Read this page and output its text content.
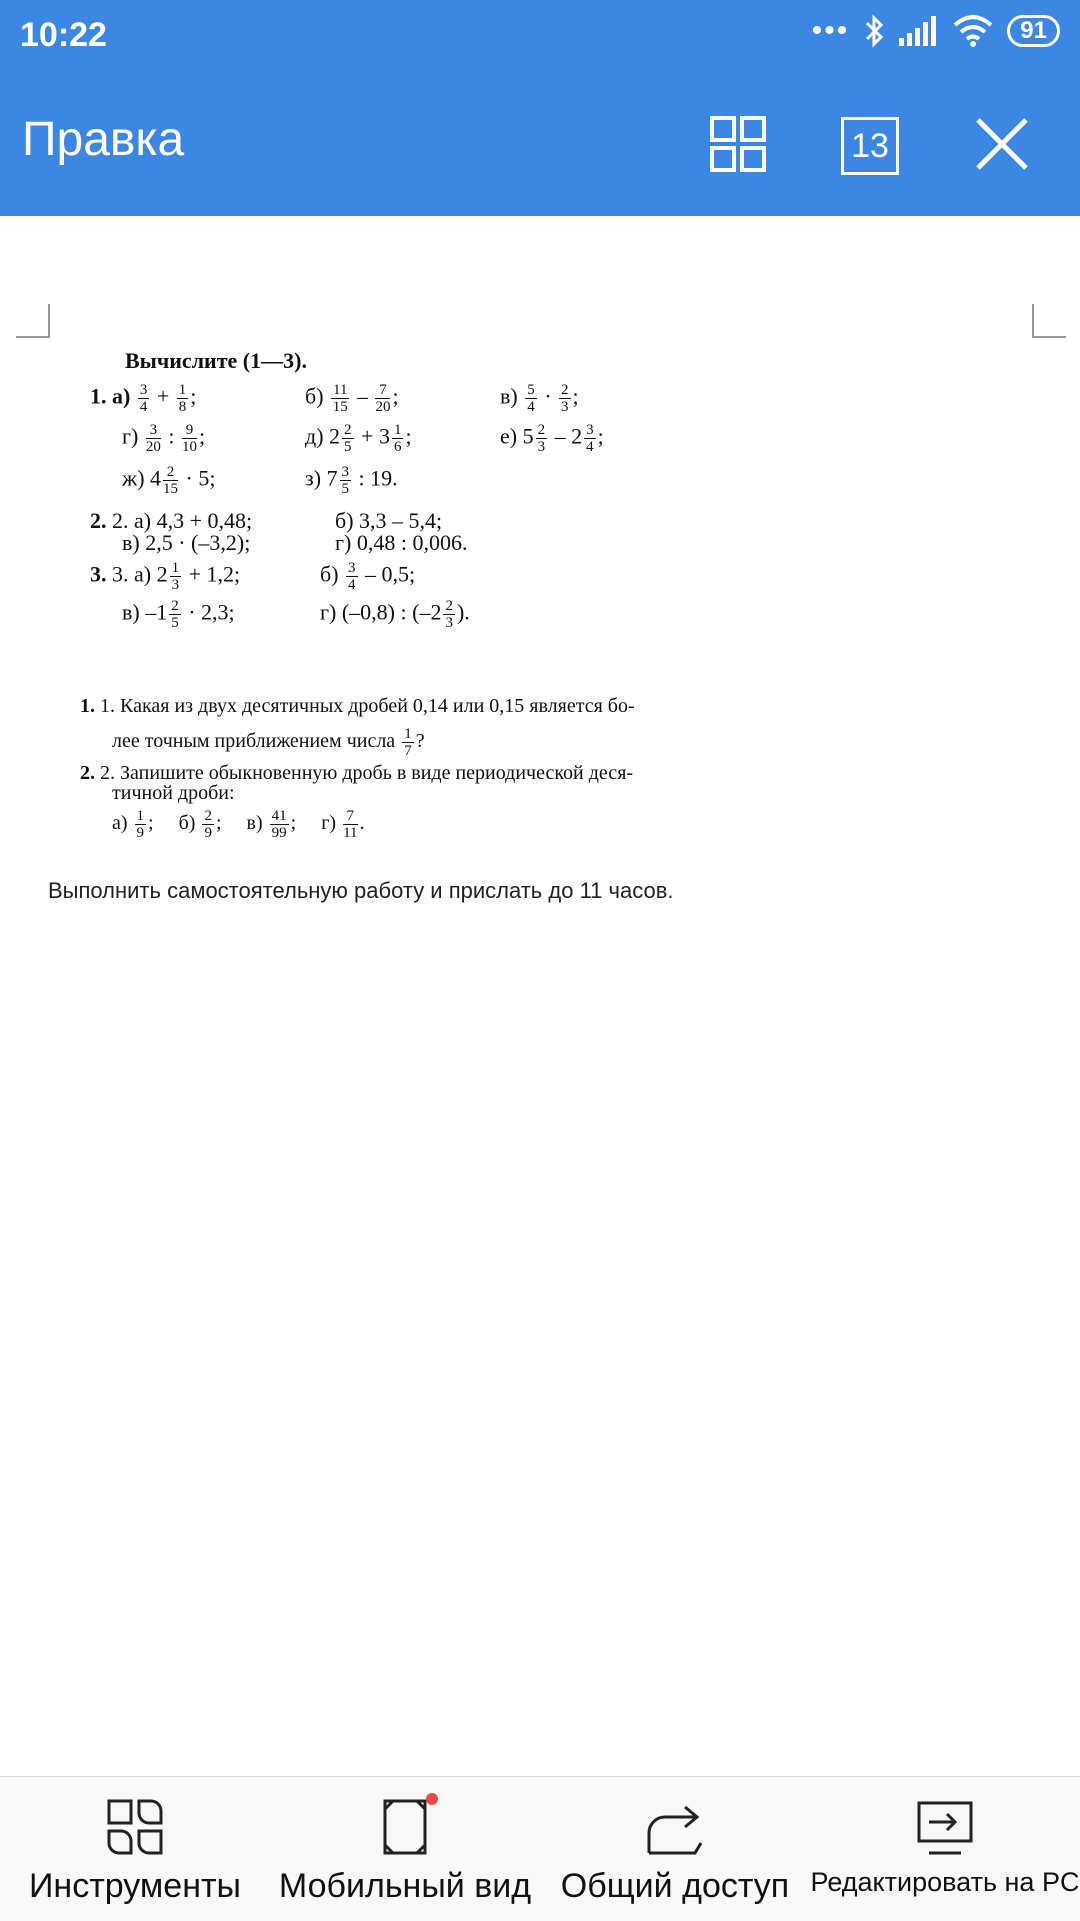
10:22	•••	91
Правка	13
Вычислите (1—3).
1. $а) \frac{3}{4} + \frac{1}{8}$ ;	$б) \frac{11}{15} - \frac{7}{20}$ ;	$в) \frac{5}{4} \cdot \frac{2}{3}$ ;
$г) \frac{3}{20}$ : $\frac{9}{10}$ ;	д) $2 \frac{2}{5} + 3 \frac{1}{6}$ ;	е) $5 \frac{2}{3} - 2 \frac{3}{4}$ ;
ж) $4 \frac{2}{15} \cdot 5$;	з) $7 \frac{3}{5}$ : 19.
2. 2. а) 4,3 + 0,48;	б) 3,3 – 5,4;
в) 2,5 · (–3,2);	г) 0,48 : 0,006.
3. 3. а) $2 \frac{1}{3} + 1,2$;	$б) \frac{3}{4} - 0,5$;
в) $-1 \frac{2}{5} \cdot 2,3$;	г) (–0,8) : ($-2 \frac{2}{3}$ ).
1. 1. Какая из двух десятичных дробей 0,14 или 0,15 является бо-
лее точным приближением числа $\frac{1}{7}$ ?
2. 2. Запишите обыкновенную дробь в виде периодической деся-
тичной дроби:
$а) \frac{1}{9}$ ; $б) \frac{2}{9}$ ; $в) \frac{41}{99}$ ; $г) \frac{7}{11}$ .
Выполнить самостоятельную работу и прислать до 11 часов.
Инструменты	Мобильный вид Общий доступ Редактировать на PC
